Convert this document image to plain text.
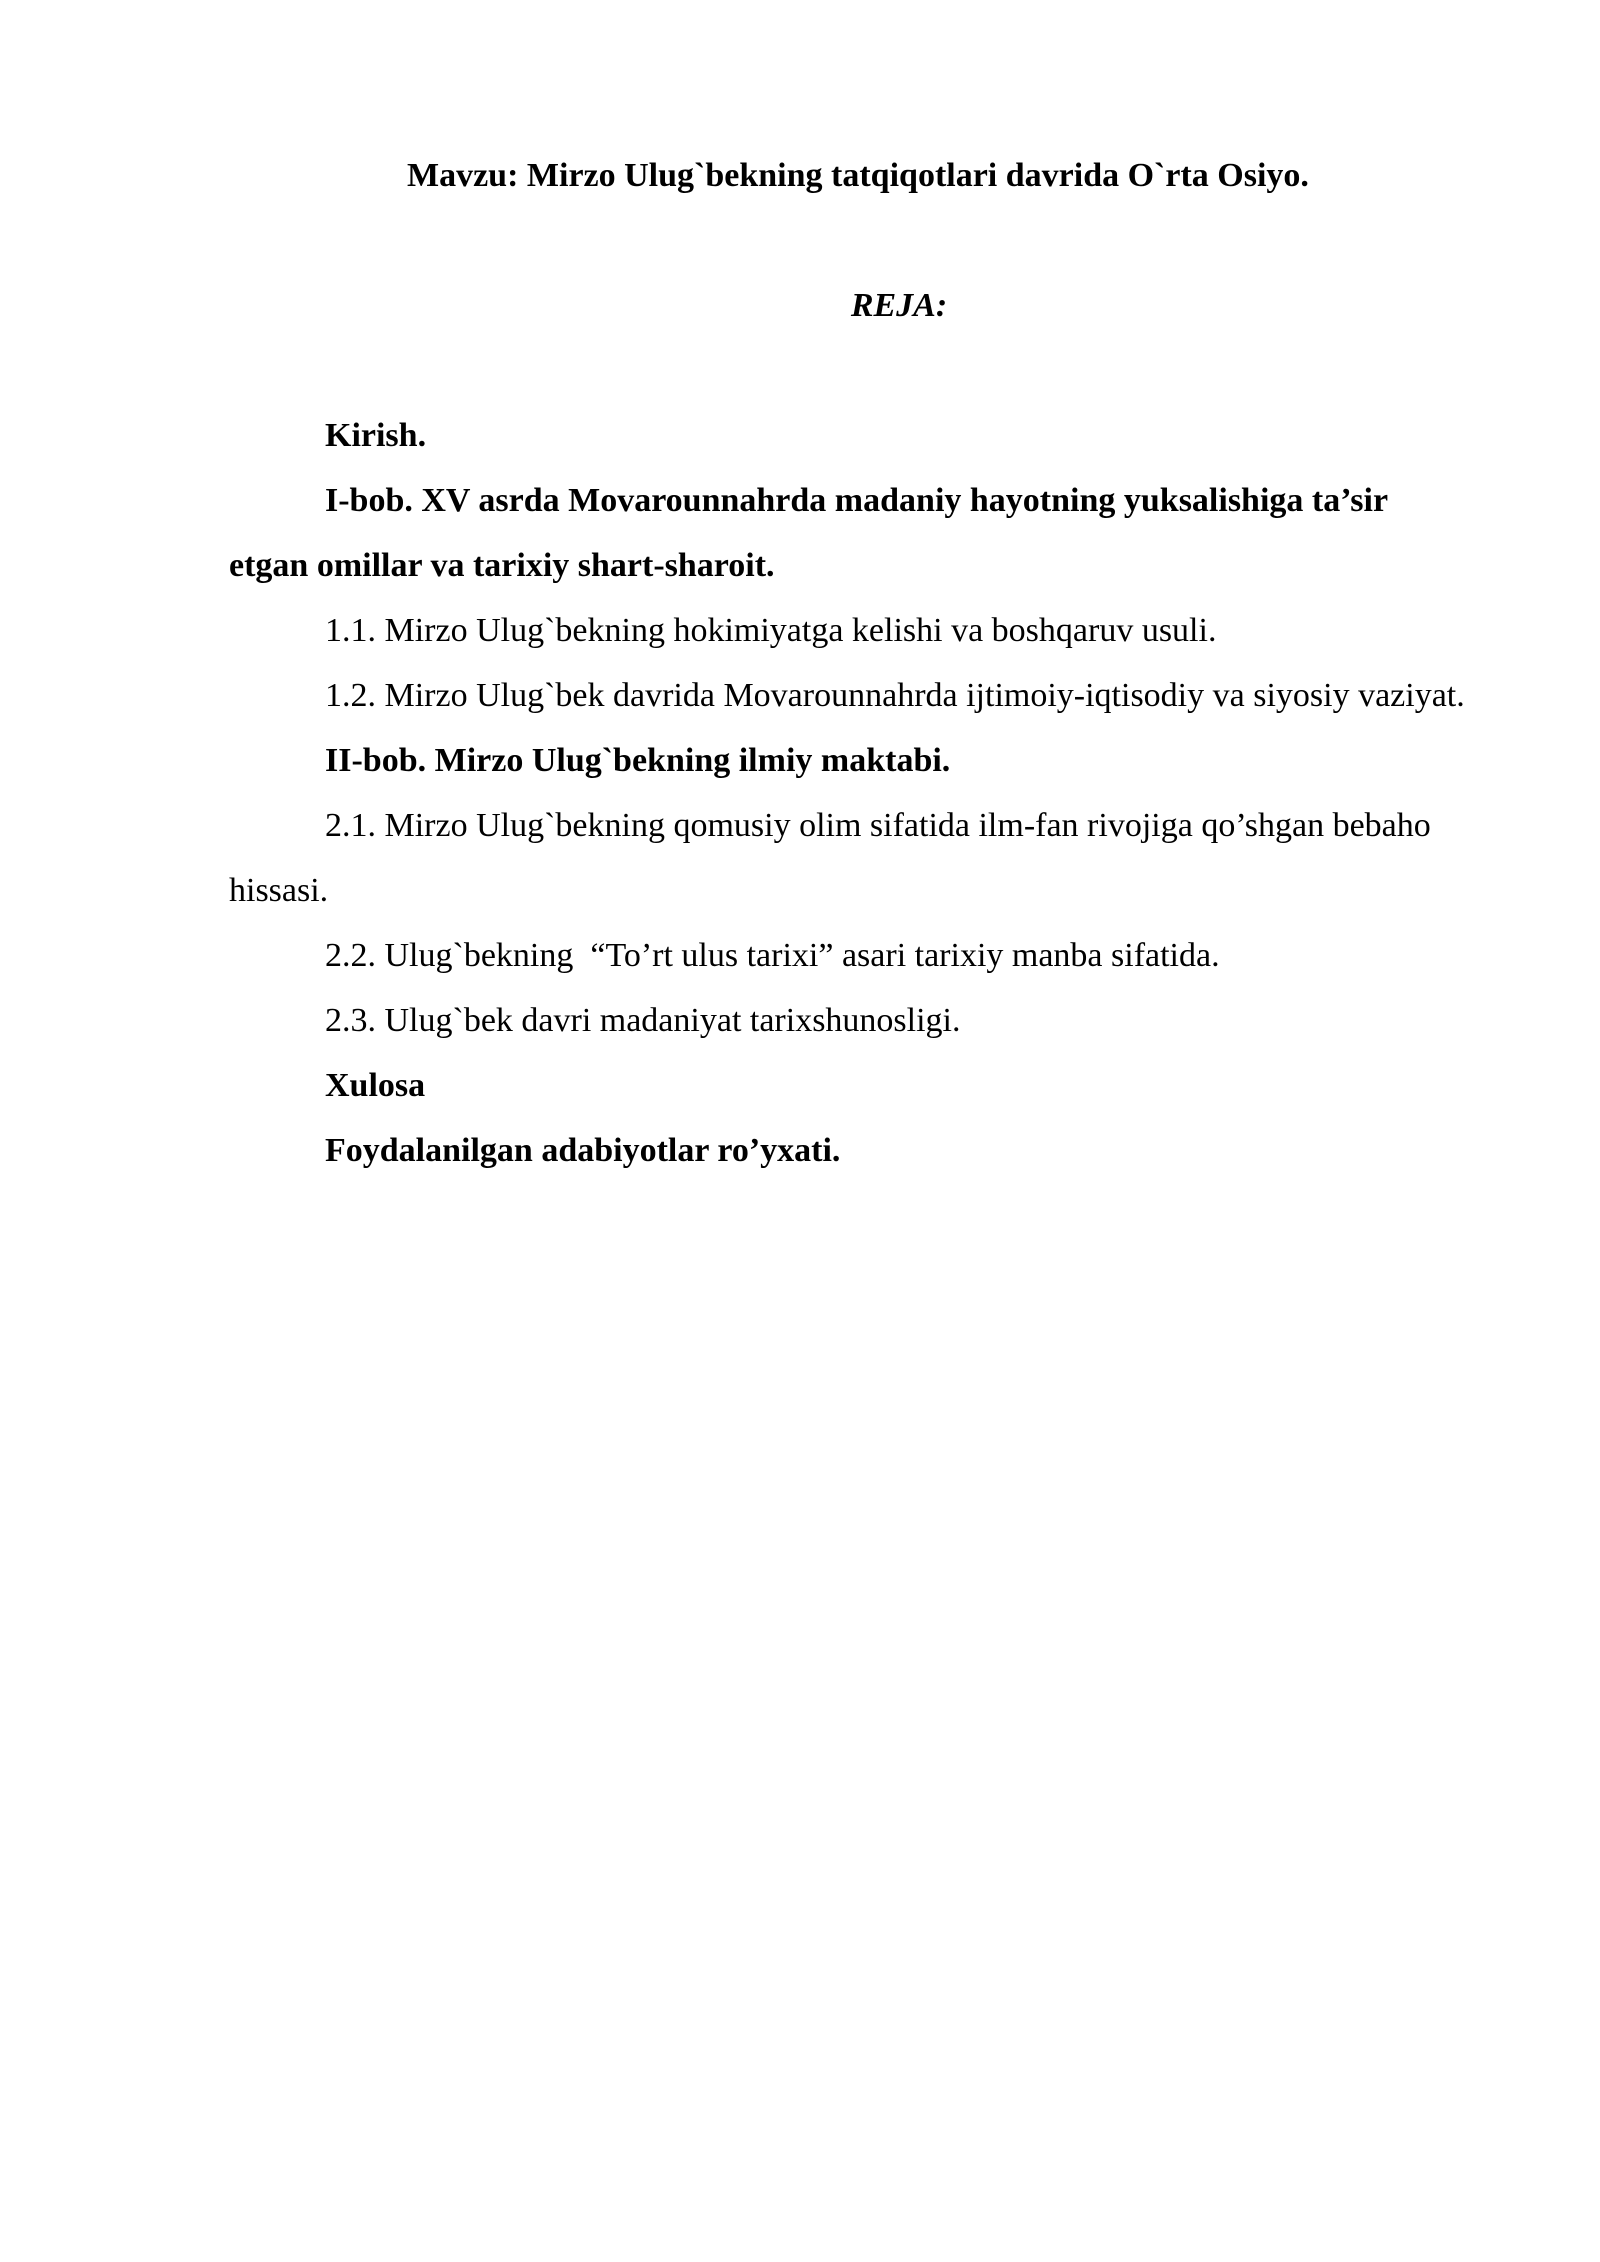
Mavzu: Mirzo Ulug`bekning tatqiqotlari davrida O`rta Osiyo.

REJA:

Kirish.

I-bob. XV asrda Movarounnahrda madaniy hayotning yuksalishiga ta’sir etgan omillar va tarixiy shart-sharoit.

1.1. Mirzo Ulug`bekning hokimiyatga kelishi va boshqaruv usuli.

1.2. Mirzo Ulug`bek davrida Movarounnahrda ijtimoiy-iqtisodiy va siyosiy vaziyat.

II-bob. Mirzo Ulug`bekning ilmiy maktabi.

2.1. Mirzo Ulug`bekning qomusiy olim sifatida ilm-fan rivojiga qo’shgan bebaho hissasi.

2.2. Ulug`bekning  “To’rt ulus tarixi” asari tarixiy manba sifatida.

2.3. Ulug`bek davri madaniyat tarixshunosligi.

Xulosa

Foydalanilgan adabiyotlar ro’yxati.
